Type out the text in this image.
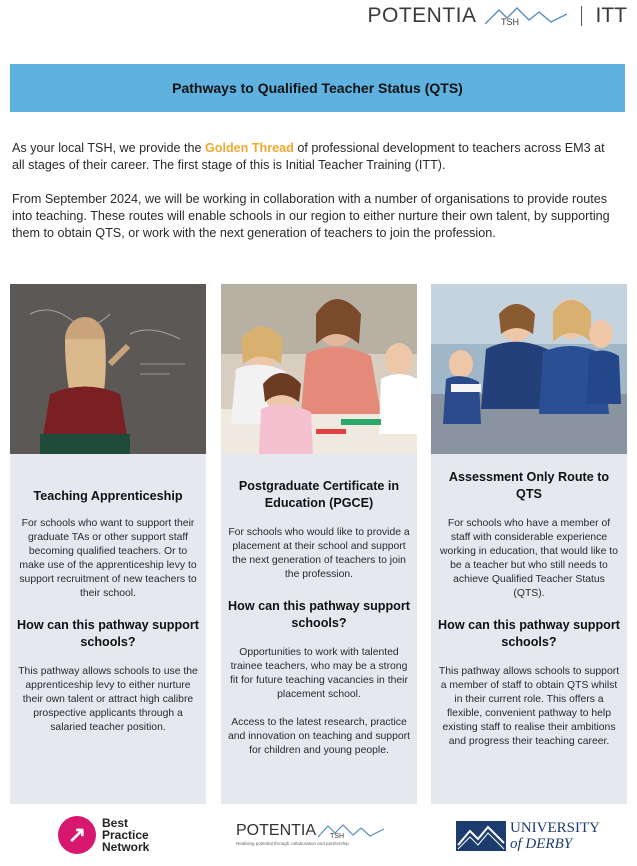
POTENTIA	TSH	ITT
Pathways to Qualified Teacher Status (QTS)

As your local TSH, we provide the Golden Thread of professional development to teachers across EM3 at all stages of their career. The first stage of this is Initial Teacher Training (ITT).

From September 2024, we will be working in collaboration with a number of organisations to provide routes into teaching. These routes will enable schools in our region to either nurture their own talent, by supporting them to obtain QTS, or work with the next generation of teachers to join the profession.

Teaching Apprenticeship

For schools who want to support their graduate TAs or other support staff becoming qualified teachers. Or to make use of the apprenticeship levy to support recruitment of new teachers to their school.

How can this pathway support schools?

This pathway allows schools to use the apprenticeship levy to either nurture their own talent or attract high calibre prospective applicants through a salaried teacher position.

Postgraduate Certificate in Education (PGCE)

For schools who would like to provide a placement at their school and support the next generation of teachers to join the profession.

How can this pathway support schools?

Opportunities to work with talented trainee teachers, who may be a strong fit for future teaching vacancies in their placement school.

Access to the latest research, practice and innovation on teaching and support for children and young people.

Assessment Only Route to QTS

For schools who have a member of staff with considerable experience working in education, that would like to be a teacher but who still needs to achieve Qualified Teacher Status (QTS).

How can this pathway support schools?

This pathway allows schools to support a member of staff to obtain QTS whilst in their current role. This offers a flexible, convenient pathway to help existing staff to realise their ambitions and progress their teaching career.

↗	Best
Practice
Network
POTENTIA TSH
Realising potential through collaboration and partnership
UNIVERSITY
of DERBY
